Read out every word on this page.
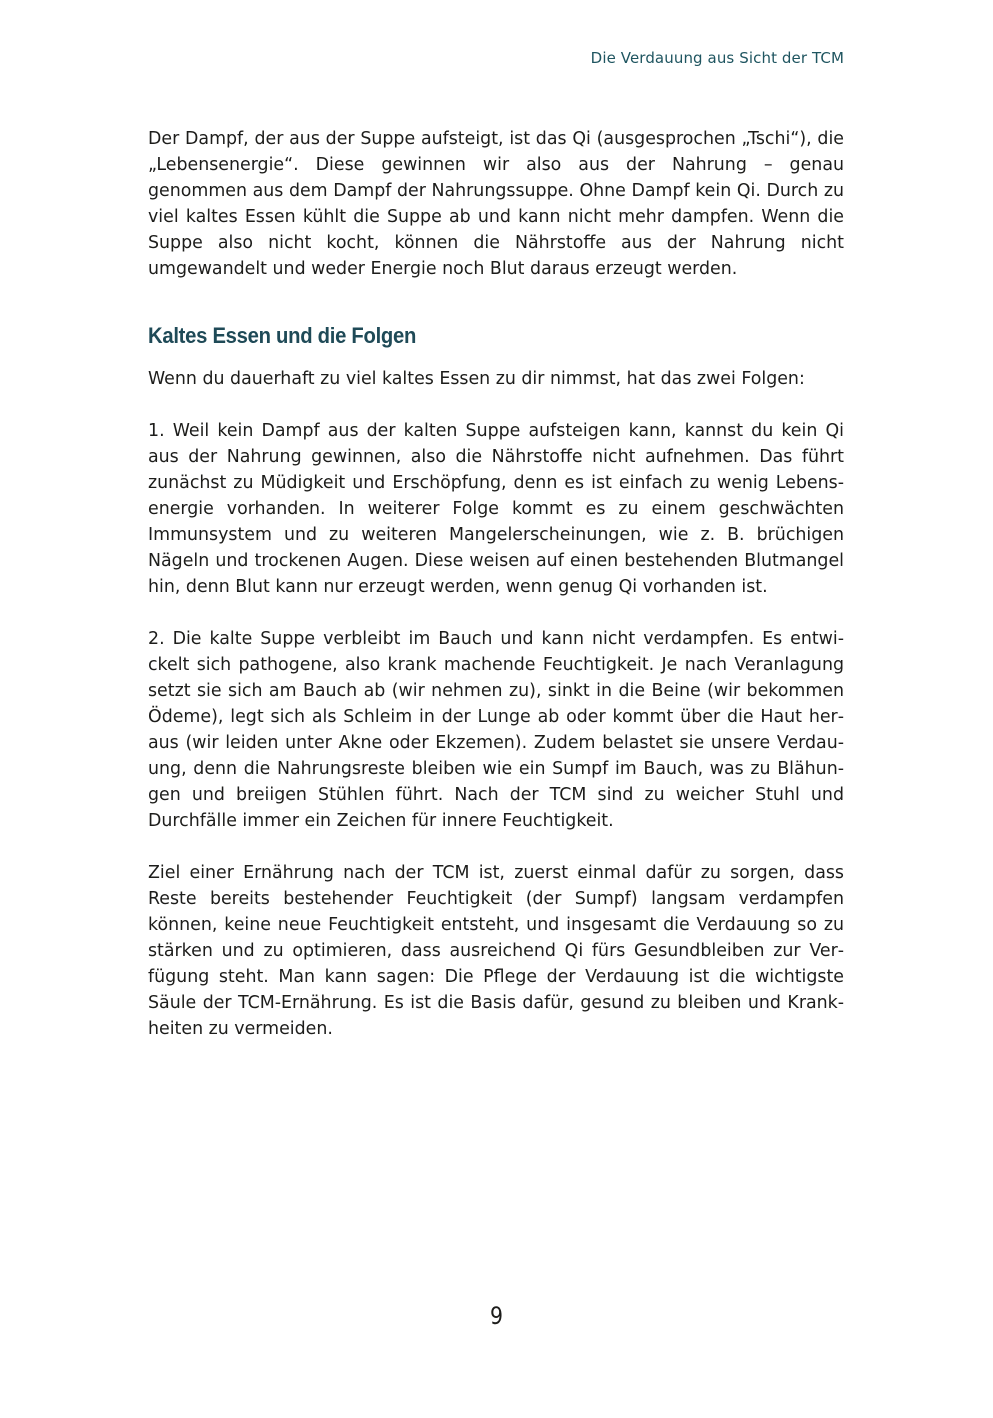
Die Verdauung aus Sicht der TCM

Der Dampf, der aus der Suppe aufsteigt, ist das Qi (ausgesprochen „Tschi“), die „Lebensenergie“. Diese gewinnen wir also aus der Nahrung – genau genommen aus dem Dampf der Nahrungssuppe. Ohne Dampf kein Qi. Durch zu viel kaltes Essen kühlt die Suppe ab und kann nicht mehr dampfen. Wenn die Suppe also nicht kocht, können die Nährstoffe aus der Nahrung nicht umgewandelt und weder Energie noch Blut daraus erzeugt werden.

Kaltes Essen und die Folgen

Wenn du dauerhaft zu viel kaltes Essen zu dir nimmst, hat das zwei Folgen:

1. Weil kein Dampf aus der kalten Suppe aufsteigen kann, kannst du kein Qi aus der Nahrung gewinnen, also die Nährstoffe nicht aufnehmen. Das führt zunächst zu Müdigkeit und Erschöpfung, denn es ist einfach zu wenig Lebensenergie vorhanden. In weiterer Folge kommt es zu einem geschwächten Immunsystem und zu weiteren Mangelerscheinungen, wie z. B. brüchigen Nägeln und trockenen Augen. Diese weisen auf einen bestehenden Blutmangel hin, denn Blut kann nur erzeugt werden, wenn genug Qi vorhanden ist.

2. Die kalte Suppe verbleibt im Bauch und kann nicht verdampfen. Es entwickelt sich pathogene, also krank machende Feuchtigkeit. Je nach Veranlagung setzt sie sich am Bauch ab (wir nehmen zu), sinkt in die Beine (wir bekommen Ödeme), legt sich als Schleim in der Lunge ab oder kommt über die Haut heraus (wir leiden unter Akne oder Ekzemen). Zudem belastet sie unsere Verdauung, denn die Nahrungsreste bleiben wie ein Sumpf im Bauch, was zu Blähungen und breiigen Stühlen führt. Nach der TCM sind zu weicher Stuhl und Durchfälle immer ein Zeichen für innere Feuchtigkeit.

Ziel einer Ernährung nach der TCM ist, zuerst einmal dafür zu sorgen, dass Reste bereits bestehender Feuchtigkeit (der Sumpf) langsam verdampfen können, keine neue Feuchtigkeit entsteht, und insgesamt die Verdauung so zu stärken und zu optimieren, dass ausreichend Qi fürs Gesundbleiben zur Verfügung steht. Man kann sagen: Die Pflege der Verdauung ist die wichtigste Säule der TCM-Ernährung. Es ist die Basis dafür, gesund zu bleiben und Krankheiten zu vermeiden.

9
